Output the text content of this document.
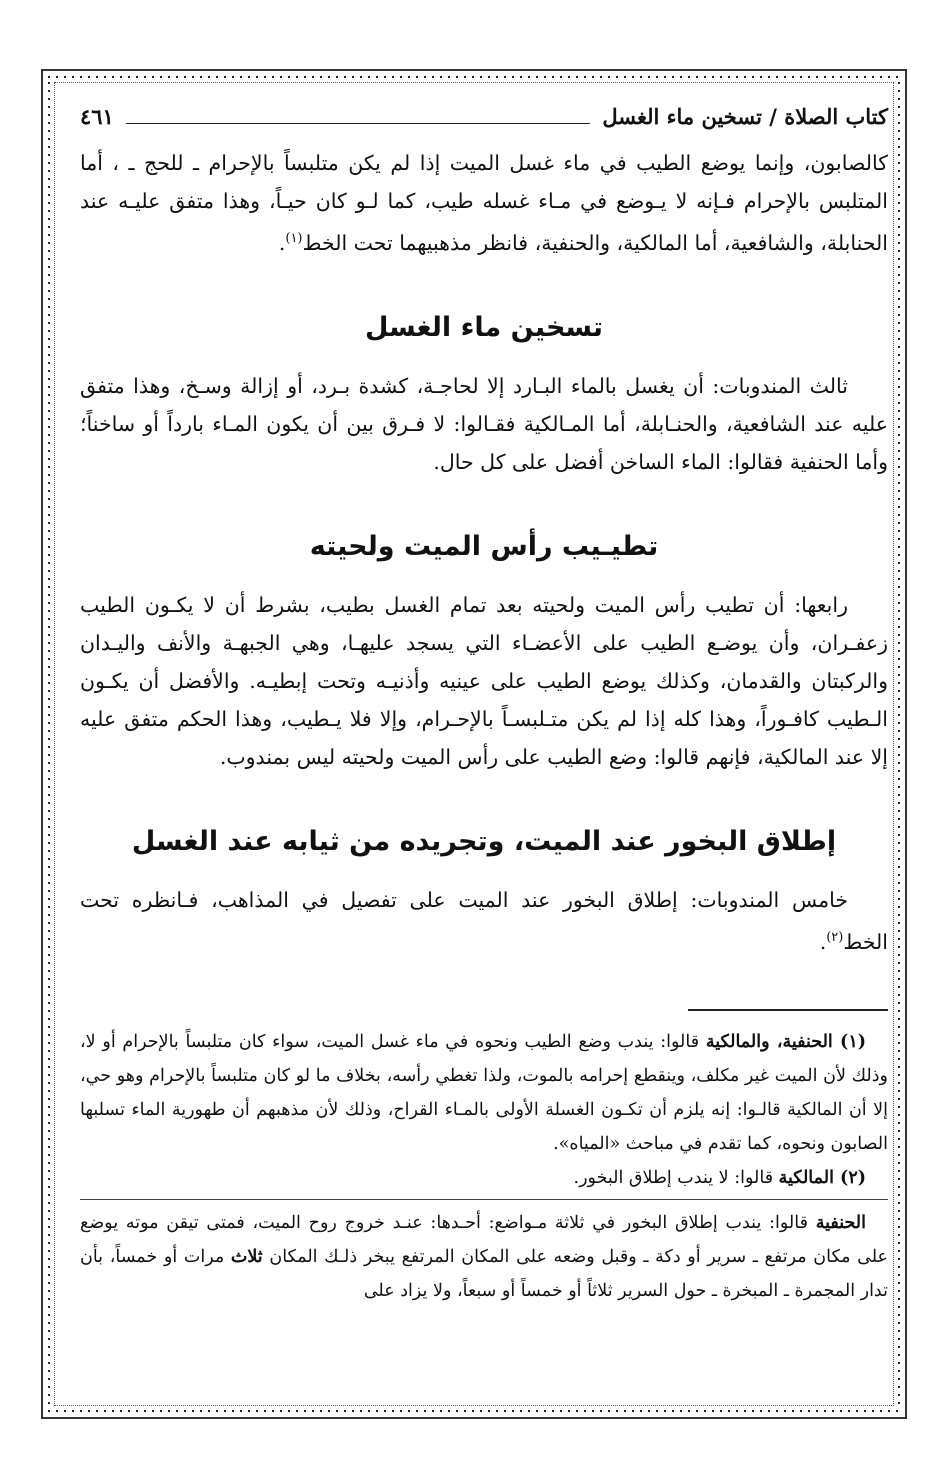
كتاب الصلاة / تسخين ماء الغسل
٤٦١

كالصابون، وإنما يوضع الطيب في ماء غسل الميت إذا لم يكن متلبساً بالإحرام ـ للحج ـ ، أما المتلبس بالإحرام فـإنه لا يـوضع في مـاء غسله طيب، كما لـو كان حيـاً، وهذا متفق عليـه عند الحنابلة، والشافعية، أما المالكية، والحنفية، فانظر مذهبيهما تحت الخط$^{(١)}$.

تسخين ماء الغسل

ثالث المندوبات: أن يغسل بالماء البـارد إلا لحاجـة، كشدة بـرد، أو إزالة وسـخ، وهذا متفق عليه عند الشافعية، والحنـابلة، أما المـالكية فقـالوا: لا فـرق بين أن يكون المـاء بارداً أو ساخناً؛ وأما الحنفية فقالوا: الماء الساخن أفضل على كل حال.

تطيـيب رأس الميت ولحيته

رابعها: أن تطيب رأس الميت ولحيته بعد تمام الغسل بطيب، بشرط أن لا يكـون الطيب زعفـران، وأن يوضـع الطيب على الأعضـاء التي يسجد عليهـا، وهي الجبهـة والأنف واليـدان والركبتان والقدمان، وكذلك يوضع الطيب على عينيه وأذنيـه وتحت إبطيـه. والأفضل أن يكـون الـطيب كافـوراً، وهذا كله إذا لم يكن متـلبسـاً بالإحـرام، وإلا فلا يـطيب، وهذا الحكم متفق عليه إلا عند المالكية، فإنهم قالوا: وضع الطيب على رأس الميت ولحيته ليس بمندوب.

إطلاق البخور عند الميت، وتجريده من ثيابه عند الغسل

خامس المندوبات: إطلاق البخور عند الميت على تفصيل في المذاهب، فـانظره تحت الخط$^{(٢)}$.

(١) الحنفية، والمالكية قالوا: يندب وضع الطيب ونحوه في ماء غسل الميت، سواء كان متلبساً بالإحرام أو لا، وذلك لأن الميت غير مكلف، وينقطع إحرامه بالموت، ولذا تغطي رأسه، بخلاف ما لو كان متلبساً بالإحرام وهو حي، إلا أن المالكية قالـوا: إنه يلزم أن تكـون الغسلة الأولى بالمـاء القراح، وذلك لأن مذهبهم أن طهورية الماء تسلبها الصابون ونحوه، كما تقدم في مباحث «المياه».

(٢) المالكية قالوا: لا يندب إطلاق البخور.

الحنفية قالوا: يندب إطلاق البخور في ثلاثة مـواضع: أحـدها: عنـد خروج روح الميت، فمتى تيقن موته يوضع على مكان مرتفع ـ سرير أو دكة ـ وقبل وضعه على المكان المرتفع يبخر ذلـك المكان ثلاث مرات أو خمساً، بأن تدار المجمرة ـ المبخرة ـ حول السرير ثلاثاً أو خمساً أو سبعاً، ولا يزاد على
